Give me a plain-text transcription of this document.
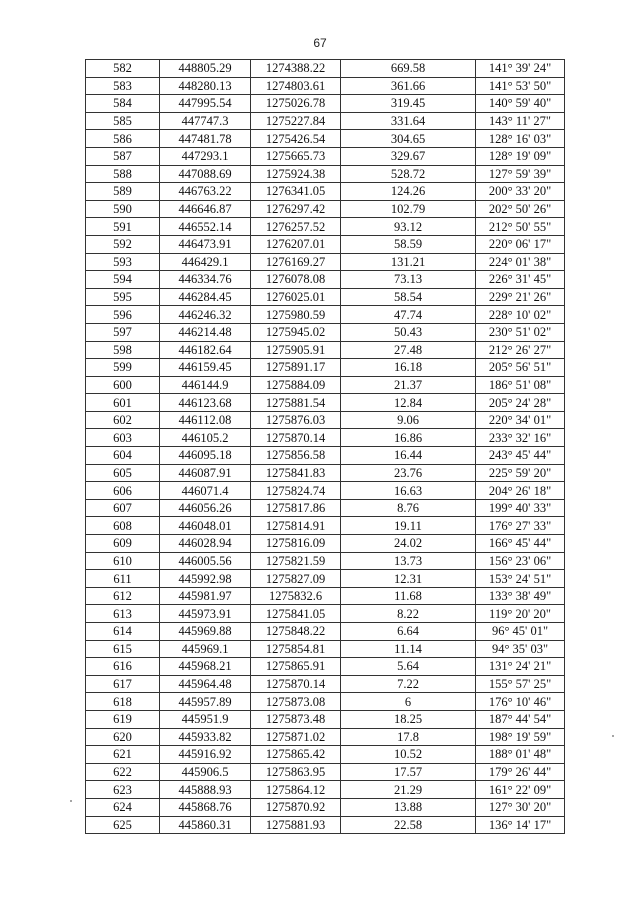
67
582	448805.29	1274388.22	669.58	141° 39' 24"
583	448280.13	1274803.61	361.66	141° 53' 50"
584	447995.54	1275026.78	319.45	140° 59' 40"
585	447747.3	1275227.84	331.64	143° 11' 27"
586	447481.78	1275426.54	304.65	128° 16' 03"
587	447293.1	1275665.73	329.67	128° 19' 09"
588	447088.69	1275924.38	528.72	127° 59' 39"
589	446763.22	1276341.05	124.26	200° 33' 20"
590	446646.87	1276297.42	102.79	202° 50' 26"
591	446552.14	1276257.52	93.12	212° 50' 55"
592	446473.91	1276207.01	58.59	220° 06' 17"
593	446429.1	1276169.27	131.21	224° 01' 38"
594	446334.76	1276078.08	73.13	226° 31' 45"
595	446284.45	1276025.01	58.54	229° 21' 26"
596	446246.32	1275980.59	47.74	228° 10' 02"
597	446214.48	1275945.02	50.43	230° 51' 02"
598	446182.64	1275905.91	27.48	212° 26' 27"
599	446159.45	1275891.17	16.18	205° 56' 51"
600	446144.9	1275884.09	21.37	186° 51' 08"
601	446123.68	1275881.54	12.84	205° 24' 28"
602	446112.08	1275876.03	9.06	220° 34' 01"
603	446105.2	1275870.14	16.86	233° 32' 16"
604	446095.18	1275856.58	16.44	243° 45' 44"
605	446087.91	1275841.83	23.76	225° 59' 20"
606	446071.4	1275824.74	16.63	204° 26' 18"
607	446056.26	1275817.86	8.76	199° 40' 33"
608	446048.01	1275814.91	19.11	176° 27' 33"
609	446028.94	1275816.09	24.02	166° 45' 44"
610	446005.56	1275821.59	13.73	156° 23' 06"
611	445992.98	1275827.09	12.31	153° 24' 51"
612	445981.97	1275832.6	11.68	133° 38' 49"
613	445973.91	1275841.05	8.22	119° 20' 20"
614	445969.88	1275848.22	6.64	96° 45' 01"
615	445969.1	1275854.81	11.14	94° 35' 03"
616	445968.21	1275865.91	5.64	131° 24' 21"
617	445964.48	1275870.14	7.22	155° 57' 25"
618	445957.89	1275873.08	6	176° 10' 46"
619	445951.9	1275873.48	18.25	187° 44' 54"
620	445933.82	1275871.02	17.8	198° 19' 59"
621	445916.92	1275865.42	10.52	188° 01' 48"
622	445906.5	1275863.95	17.57	179° 26' 44"
623	445888.93	1275864.12	21.29	161° 22' 09"
624	445868.76	1275870.92	13.88	127° 30' 20"
625	445860.31	1275881.93	22.58	136° 14' 17"
